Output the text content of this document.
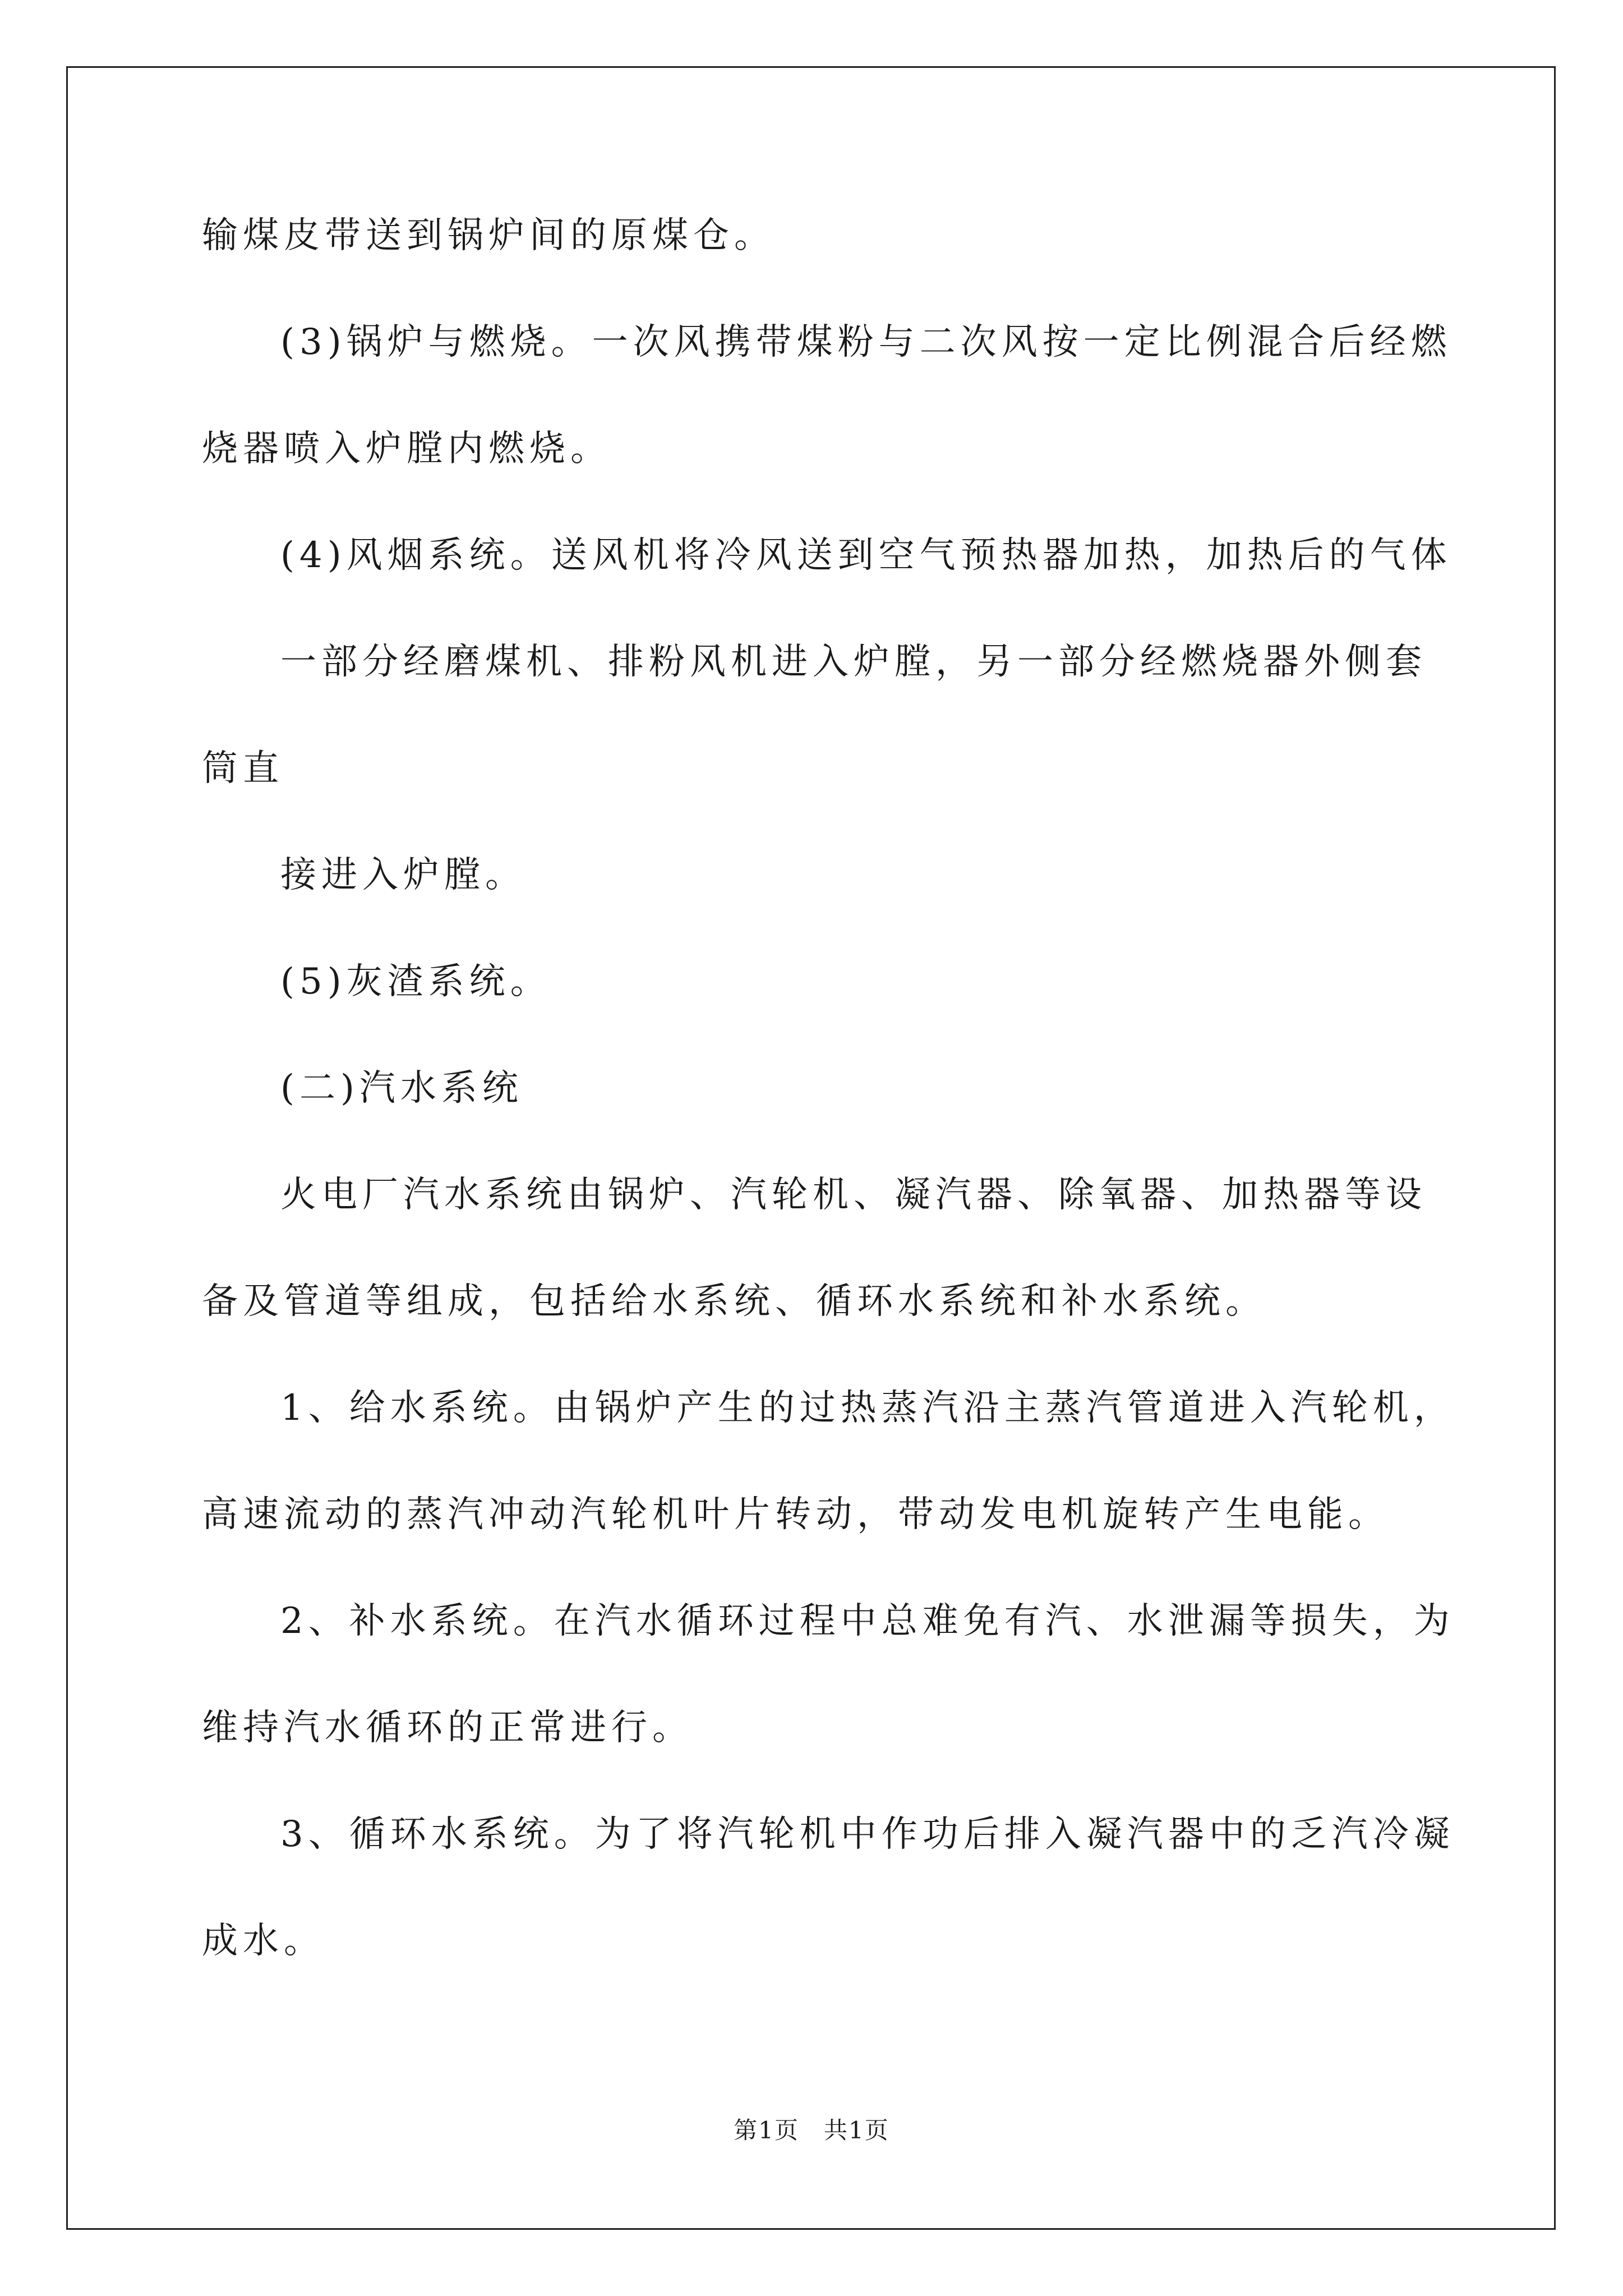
输煤皮带送到锅炉间的原煤仓。
(3)锅炉与燃烧。一次风携带煤粉与二次风按一定比例混合后经燃
烧器喷入炉膛内燃烧。
(4)风烟系统。送风机将冷风送到空气预热器加热，加热后的气体
一部分经磨煤机、排粉风机进入炉膛，另一部分经燃烧器外侧套
筒直
接进入炉膛。
(5)灰渣系统。
(二)汽水系统
火电厂汽水系统由锅炉、汽轮机、凝汽器、除氧器、加热器等设
备及管道等组成，包括给水系统、循环水系统和补水系统。
1、给水系统。由锅炉产生的过热蒸汽沿主蒸汽管道进入汽轮机，
高速流动的蒸汽冲动汽轮机叶片转动，带动发电机旋转产生电能。
2、补水系统。在汽水循环过程中总难免有汽、水泄漏等损失，为
维持汽水循环的正常进行。
3、循环水系统。为了将汽轮机中作功后排入凝汽器中的乏汽冷凝
成水。
第1页　共1页
